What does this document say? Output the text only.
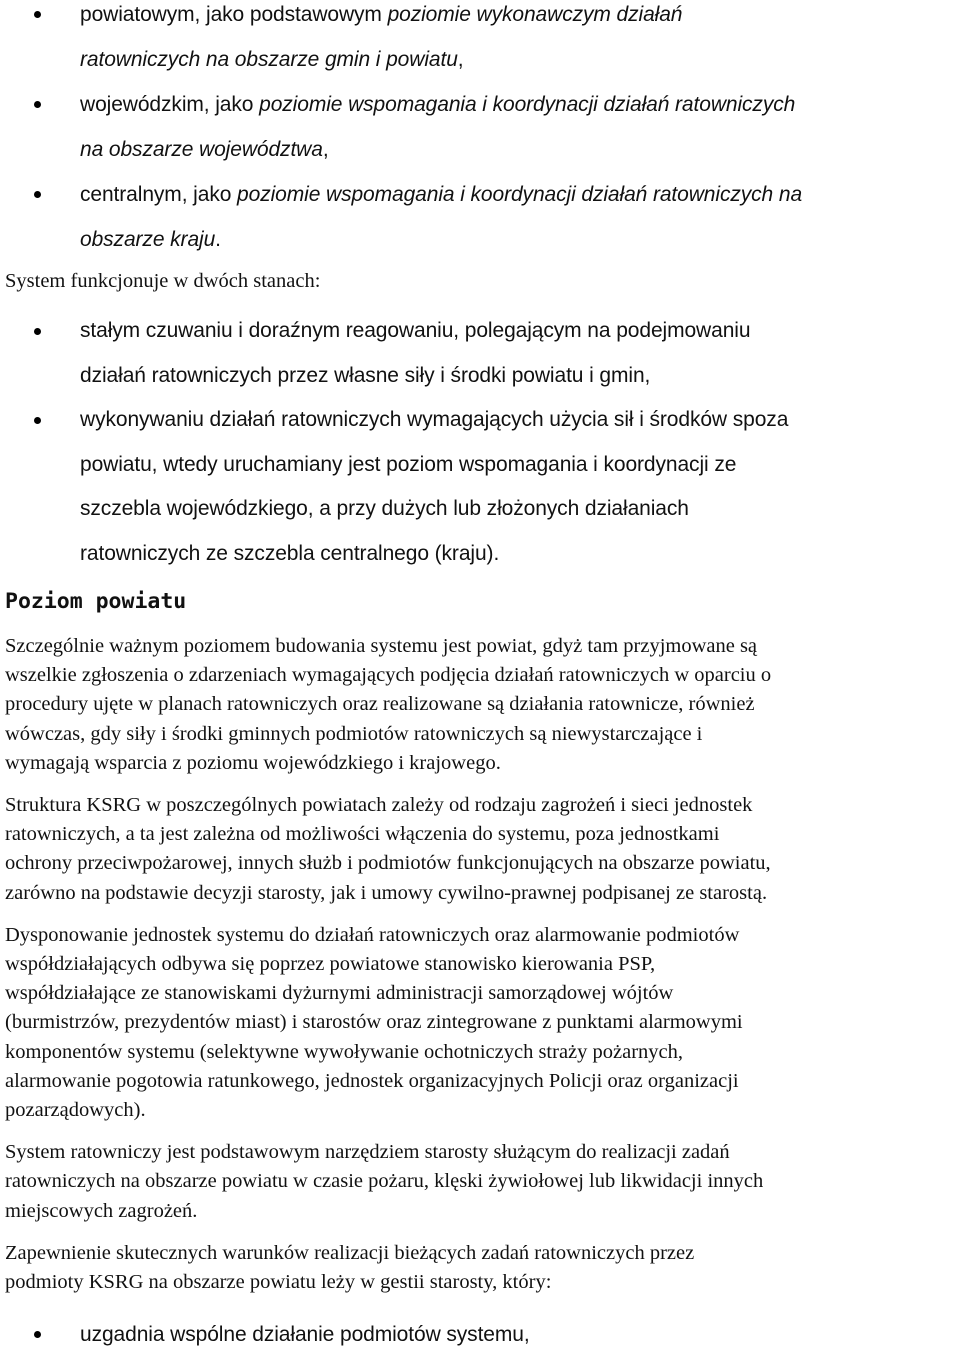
powiatowym, jako podstawowym poziomie wykonawczym działań
ratowniczych na obszarze gmin i powiatu,
wojewódzkim, jako poziomie wspomagania i koordynacji działań ratowniczych
na obszarze województwa,
centralnym, jako poziomie wspomagania i koordynacji działań ratowniczych na
obszarze kraju.

System funkcjonuje w dwóch stanach:

stałym czuwaniu i doraźnym reagowaniu, polegającym na podejmowaniu
działań ratowniczych przez własne siły i środki powiatu i gmin,
wykonywaniu działań ratowniczych wymagających użycia sił i środków spoza
powiatu, wtedy uruchamiany jest poziom wspomagania i koordynacji ze
szczebla wojewódzkiego, a przy dużych lub złożonych działaniach
ratowniczych ze szczebla centralnego (kraju).
Poziom powiatu

Szczególnie ważnym poziomem budowania systemu jest powiat, gdyż tam przyjmowane są
wszelkie zgłoszenia o zdarzeniach wymagających podjęcia działań ratowniczych w oparciu o
procedury ujęte w planach ratowniczych oraz realizowane są działania ratownicze, również
wówczas, gdy siły i środki gminnych podmiotów ratowniczych są niewystarczające i
wymagają wsparcia z poziomu wojewódzkiego i krajowego.

Struktura KSRG w poszczególnych powiatach zależy od rodzaju zagrożeń i sieci jednostek
ratowniczych, a ta jest zależna od możliwości włączenia do systemu, poza jednostkami
ochrony przeciwpożarowej, innych służb i podmiotów funkcjonujących na obszarze powiatu,
zarówno na podstawie decyzji starosty, jak i umowy cywilno-prawnej podpisanej ze starostą.

Dysponowanie jednostek systemu do działań ratowniczych oraz alarmowanie podmiotów
współdziałających odbywa się poprzez powiatowe stanowisko kierowania PSP,
współdziałające ze stanowiskami dyżurnymi administracji samorządowej wójtów
(burmistrzów, prezydentów miast) i starostów oraz zintegrowane z punktami alarmowymi
komponentów systemu (selektywne wywoływanie ochotniczych straży pożarnych,
alarmowanie pogotowia ratunkowego, jednostek organizacyjnych Policji oraz organizacji
pozarządowych).

System ratowniczy jest podstawowym narzędziem starosty służącym do realizacji zadań
ratowniczych na obszarze powiatu w czasie pożaru, klęski żywiołowej lub likwidacji innych
miejscowych zagrożeń.

Zapewnienie skutecznych warunków realizacji bieżących zadań ratowniczych przez
podmioty KSRG na obszarze powiatu leży w gestii starosty, który:

uzgadnia wspólne działanie podmiotów systemu,
